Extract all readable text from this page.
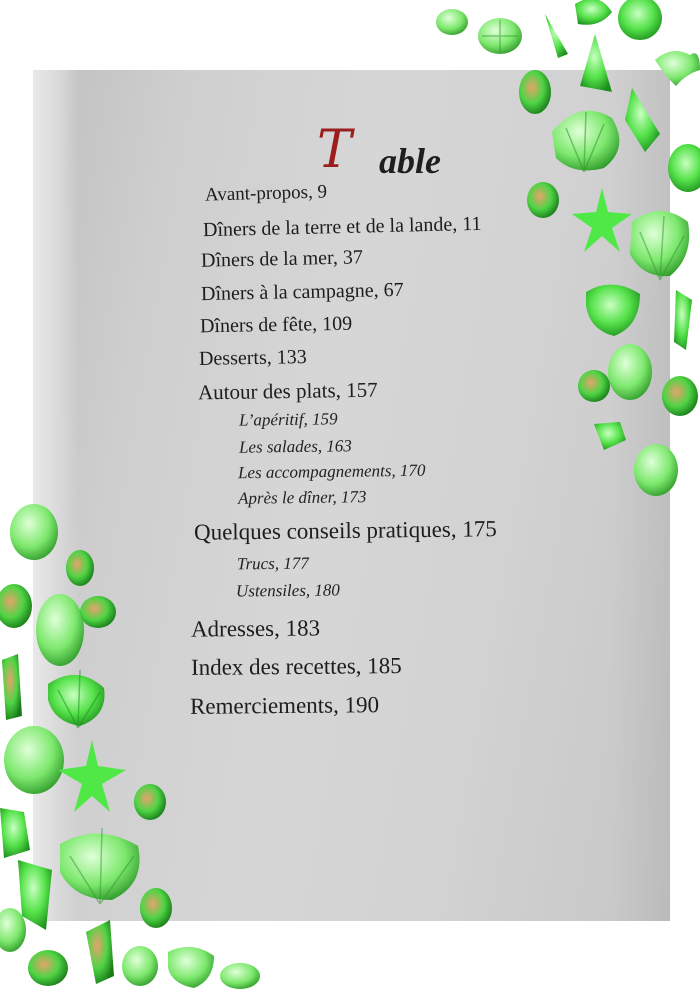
T able
Avant-propos, 9
Dîners de la terre et de la lande, 11
Dîners de la mer, 37
Dîners à la campagne, 67
Dîners de fête, 109
Desserts, 133
Autour des plats, 157
L’apéritif, 159
Les salades, 163
Les accompagnements, 170
Après le dîner, 173
Quelques conseils pratiques, 175
Trucs, 177
Ustensiles, 180
Adresses, 183
Index des recettes, 185
Remerciements, 190
